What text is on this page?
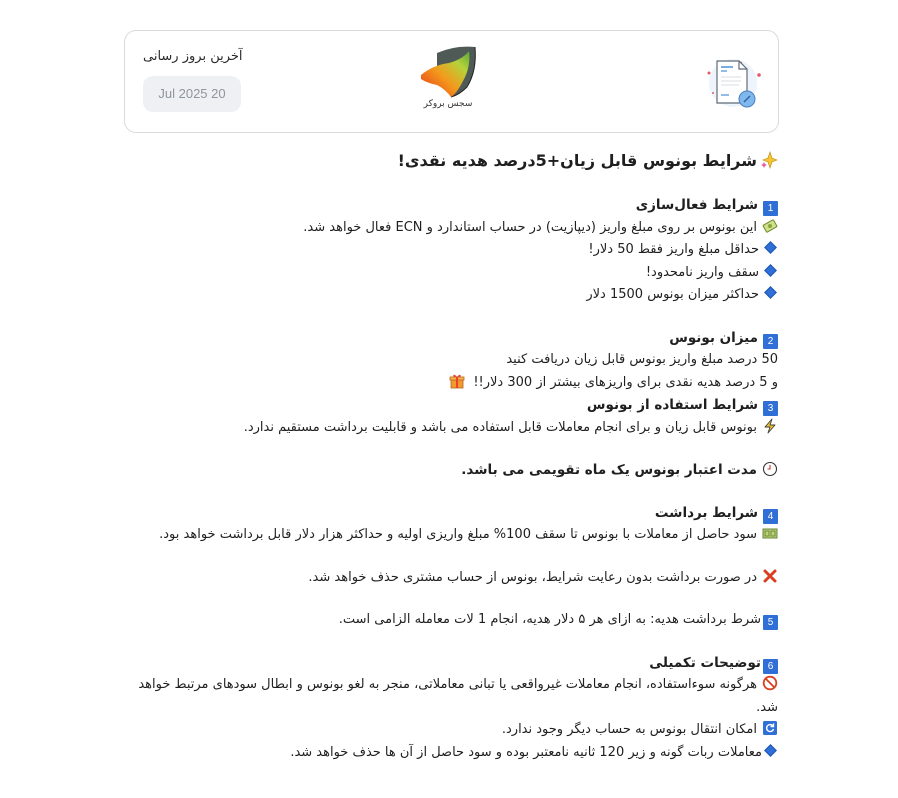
آخرین بروز رسانی
Jul 2025 20
سجس بروکر
شرایط بونوس قابل زیان+5درصد هدیه نقدی!
1شرایط فعال‌سازی
این بونوس بر روی مبلغ واریز (دیپازیت) در حساب استاندارد و ECN فعال خواهد شد.
حداقل مبلغ واریز فقط 50 دلار!
سقف واریز نامحدود!
حداکثر میزان بونوس 1500 دلار
2میزان بونوس
50 درصد مبلغ واریز بونوس قابل زیان دریافت کنید
و 5 درصد هدیه نقدی برای واریزهای بیشتر از 300 دلار!!
3شرایط استفاده از بونوس
بونوس قابل زیان و برای انجام معاملات قابل استفاده می باشد و قابلیت برداشت مستقیم ندارد.
مدت اعتبار بونوس یک ماه تقویمی می باشد.
4شرایط برداشت
سود حاصل از معاملات با بونوس تا سقف 100% مبلغ واریزی اولیه و حداکثر هزار دلار قابل برداشت خواهد بود.
در صورت برداشت بدون رعایت شرایط، بونوس از حساب مشتری حذف خواهد شد.
5شرط برداشت هدیه: به ازای هر ۵ دلار هدیه، انجام 1 لات معامله الزامی است.
6توضیحات تکمیلی
هرگونه سوءاستفاده، انجام معاملات غیرواقعی یا تبانی معاملاتی، منجر به لغو بونوس و ابطال سودهای مرتبط خواهد شد.
امکان انتقال بونوس به حساب دیگر وجود ندارد.
معاملات ربات گونه و زیر 120 ثانیه نامعتبر بوده و سود حاصل از آن ها حذف خواهد شد.
